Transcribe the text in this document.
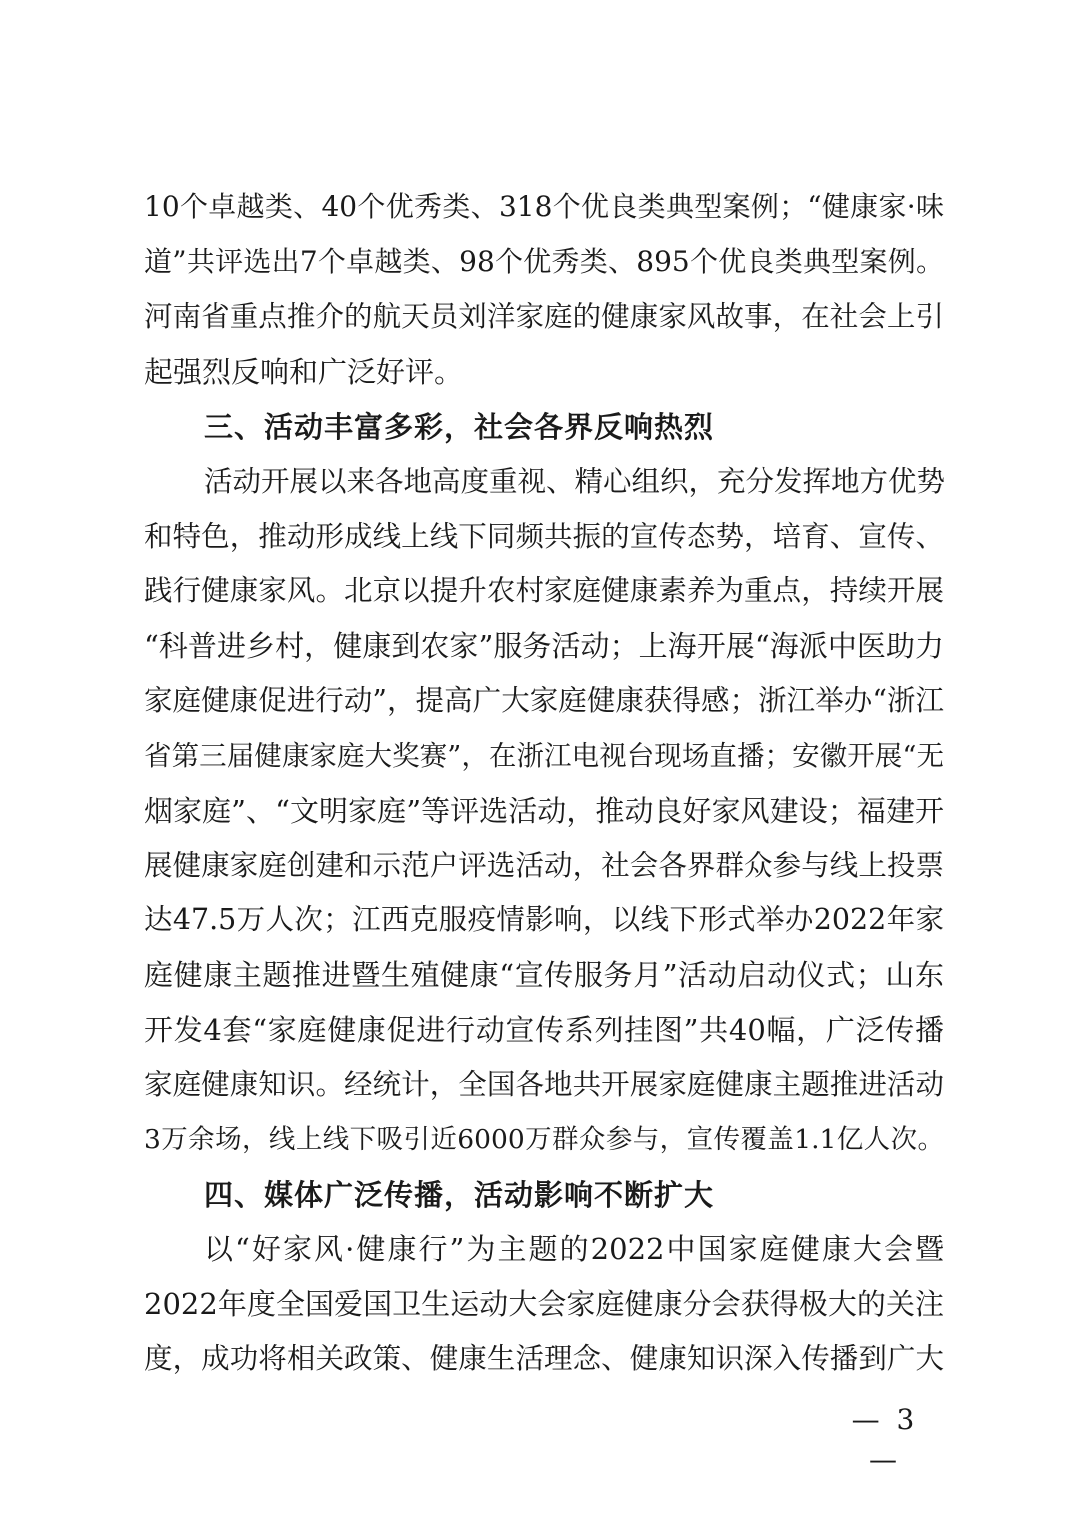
10个卓越类、40个优秀类、318个优良类典型案例；“健康家·味
道”共评选出7个卓越类、98个优秀类、895个优良类典型案例。
河南省重点推介的航天员刘洋家庭的健康家风故事，在社会上引
起强烈反响和广泛好评。
三、活动丰富多彩，社会各界反响热烈
活动开展以来各地高度重视、精心组织，充分发挥地方优势
和特色，推动形成线上线下同频共振的宣传态势，培育、宣传、
践行健康家风。北京以提升农村家庭健康素养为重点，持续开展
“科普进乡村，健康到农家”服务活动；上海开展“海派中医助力
家庭健康促进行动”，提高广大家庭健康获得感；浙江举办“浙江
省第三届健康家庭大奖赛”，在浙江电视台现场直播；安徽开展“无
烟家庭”、“文明家庭”等评选活动，推动良好家风建设；福建开
展健康家庭创建和示范户评选活动，社会各界群众参与线上投票
达47.5万人次；江西克服疫情影响，以线下形式举办2022年家
庭健康主题推进暨生殖健康“宣传服务月”活动启动仪式；山东
开发4套“家庭健康促进行动宣传系列挂图”共40幅，广泛传播
家庭健康知识。经统计，全国各地共开展家庭健康主题推进活动
3万余场，线上线下吸引近6000万群众参与，宣传覆盖1.1亿人次。
四、媒体广泛传播，活动影响不断扩大
以“好家风·健康行”为主题的2022中国家庭健康大会暨
2022年度全国爱国卫生运动大会家庭健康分会获得极大的关注
度，成功将相关政策、健康生活理念、健康知识深入传播到广大
— 3 —
